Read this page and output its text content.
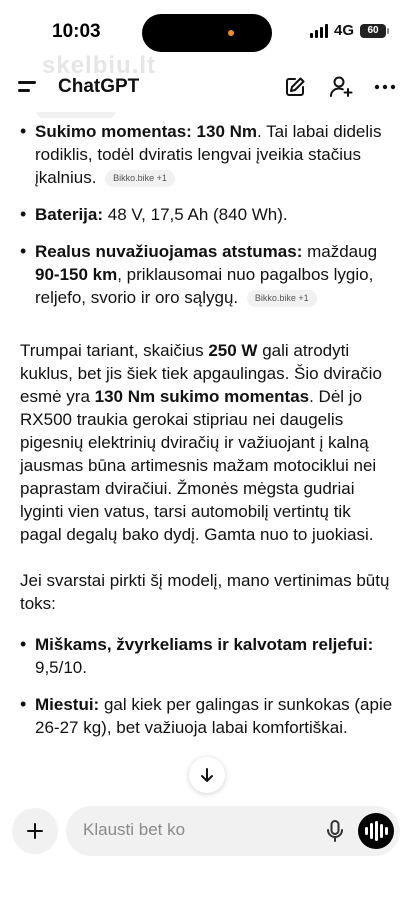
10:03	4G	60
skelbiu.lt
ChatGPT
• Sukimo momentas: 130 Nm. Tai labai didelis rodiklis, todėl dviratis lengvai įveikia stačius įkalnius. Bikko.bike +1
• Baterija: 48 V, 17,5 Ah (840 Wh).
• Realus nuvažiuojamas atstumas: maždaug 90-150 km, priklausomai nuo pagalbos lygio, reljefo, svorio ir oro sąlygų. Bikko.bike +1
Trumpai tariant, skaičius 250 W gali atrodyti kuklus, bet jis šiek tiek apgaulingas. Šio dviračio esmė yra 130 Nm sukimo momentas. Dėl jo RX500 traukia gerokai stipriau nei daugelis pigesnių elektrinių dviračių ir važiuojant į kalną jausmas būna artimesnis mažam motociklui nei paprastam dviračiui. Žmonės mėgsta gudriai lyginti vien vatus, tarsi automobilį vertintų tik pagal degalų bako dydį. Gamta nuo to juokiasi.
Jei svarstai pirkti šį modelį, mano vertinimas būtų toks:
• Miškams, žvyrkeliams ir kalvotam reljefui: 9,5/10.
• Miestui: gal kiek per galingas ir sunkokas (apie 26-27 kg), bet važiuoja labai komfortiškai.
Klausti bet ko
